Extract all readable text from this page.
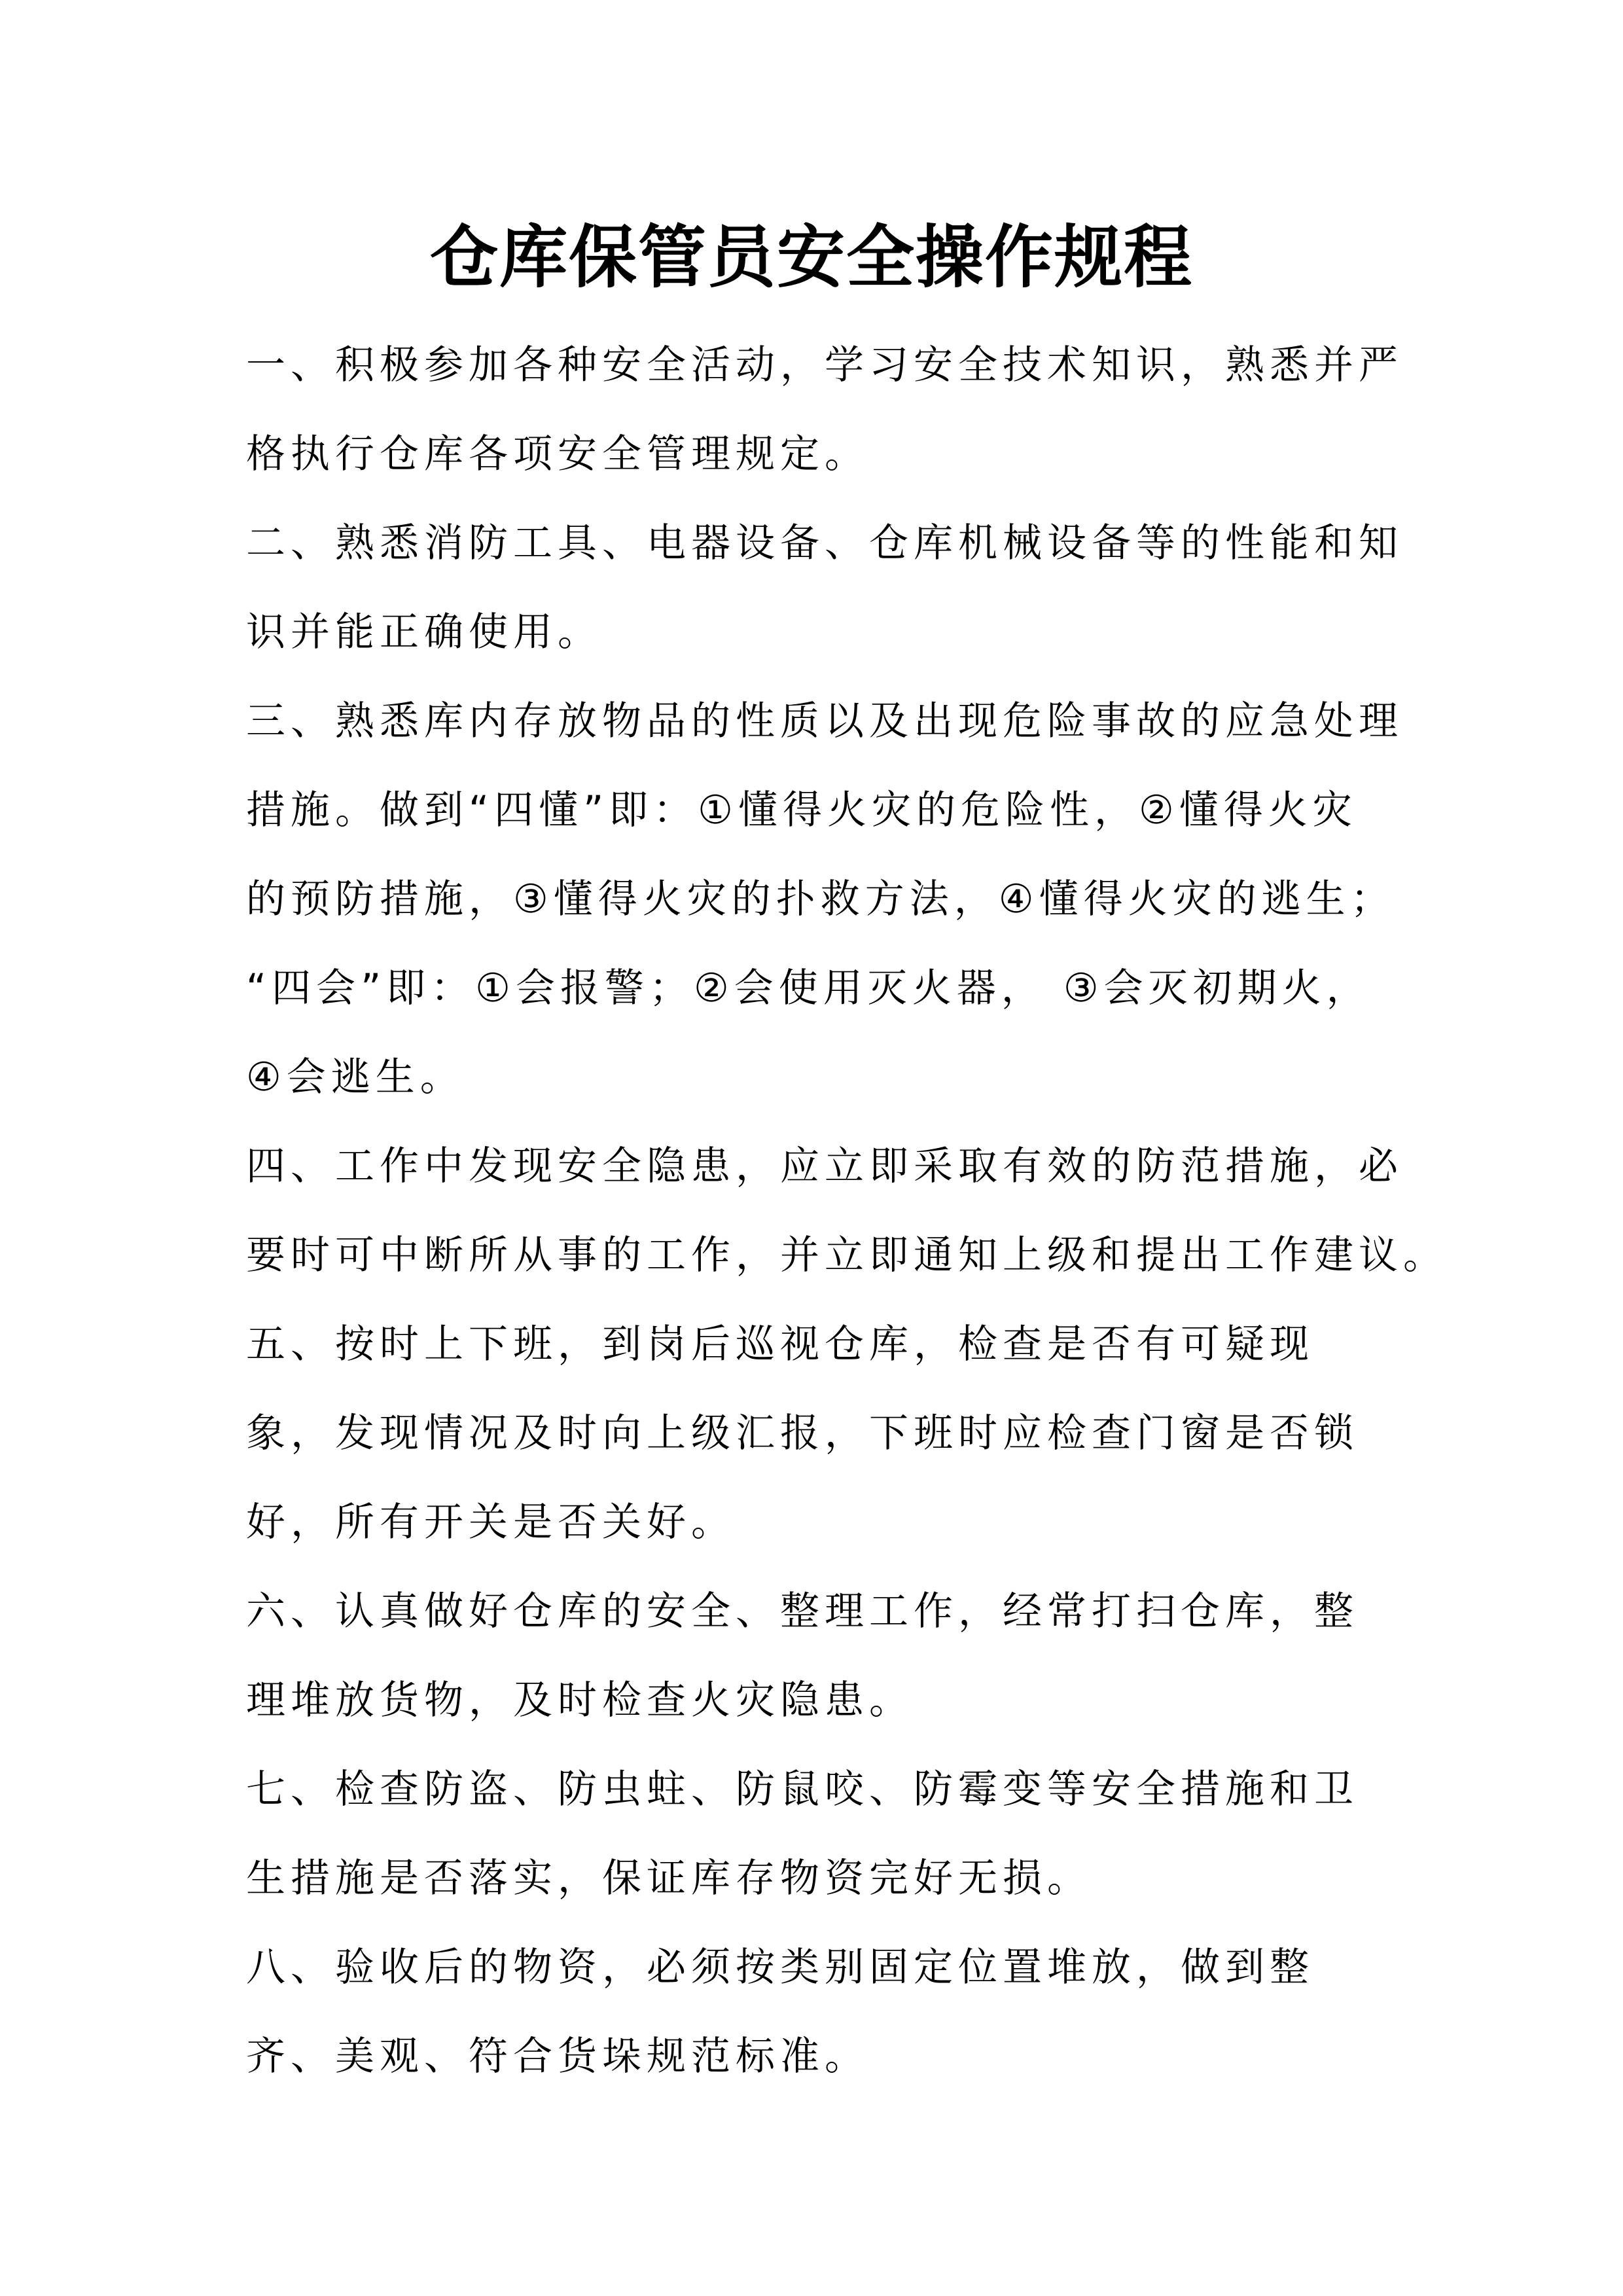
仓库保管员安全操作规程
一、积极参加各种安全活动，学习安全技术知识，熟悉并严
格执行仓库各项安全管理规定。
二、熟悉消防工具、电器设备、仓库机械设备等的性能和知
识并能正确使用。
三、熟悉库内存放物品的性质以及出现危险事故的应急处理
措施。做到“四懂”即：①懂得火灾的危险性，②懂得火灾
的预防措施，③懂得火灾的扑救方法，④懂得火灾的逃生；
“四会”即：①会报警；②会使用灭火器， ③会灭初期火，
④会逃生。
四、工作中发现安全隐患，应立即采取有效的防范措施，必
要时可中断所从事的工作，并立即通知上级和提出工作建议。
五、按时上下班，到岗后巡视仓库，检查是否有可疑现
象，发现情况及时向上级汇报，下班时应检查门窗是否锁
好，所有开关是否关好。
六、认真做好仓库的安全、整理工作，经常打扫仓库，整
理堆放货物，及时检查火灾隐患。
七、检查防盗、防虫蛀、防鼠咬、防霉变等安全措施和卫
生措施是否落实，保证库存物资完好无损。
八、验收后的物资，必须按类别固定位置堆放，做到整
齐、美观、符合货垛规范标准。
